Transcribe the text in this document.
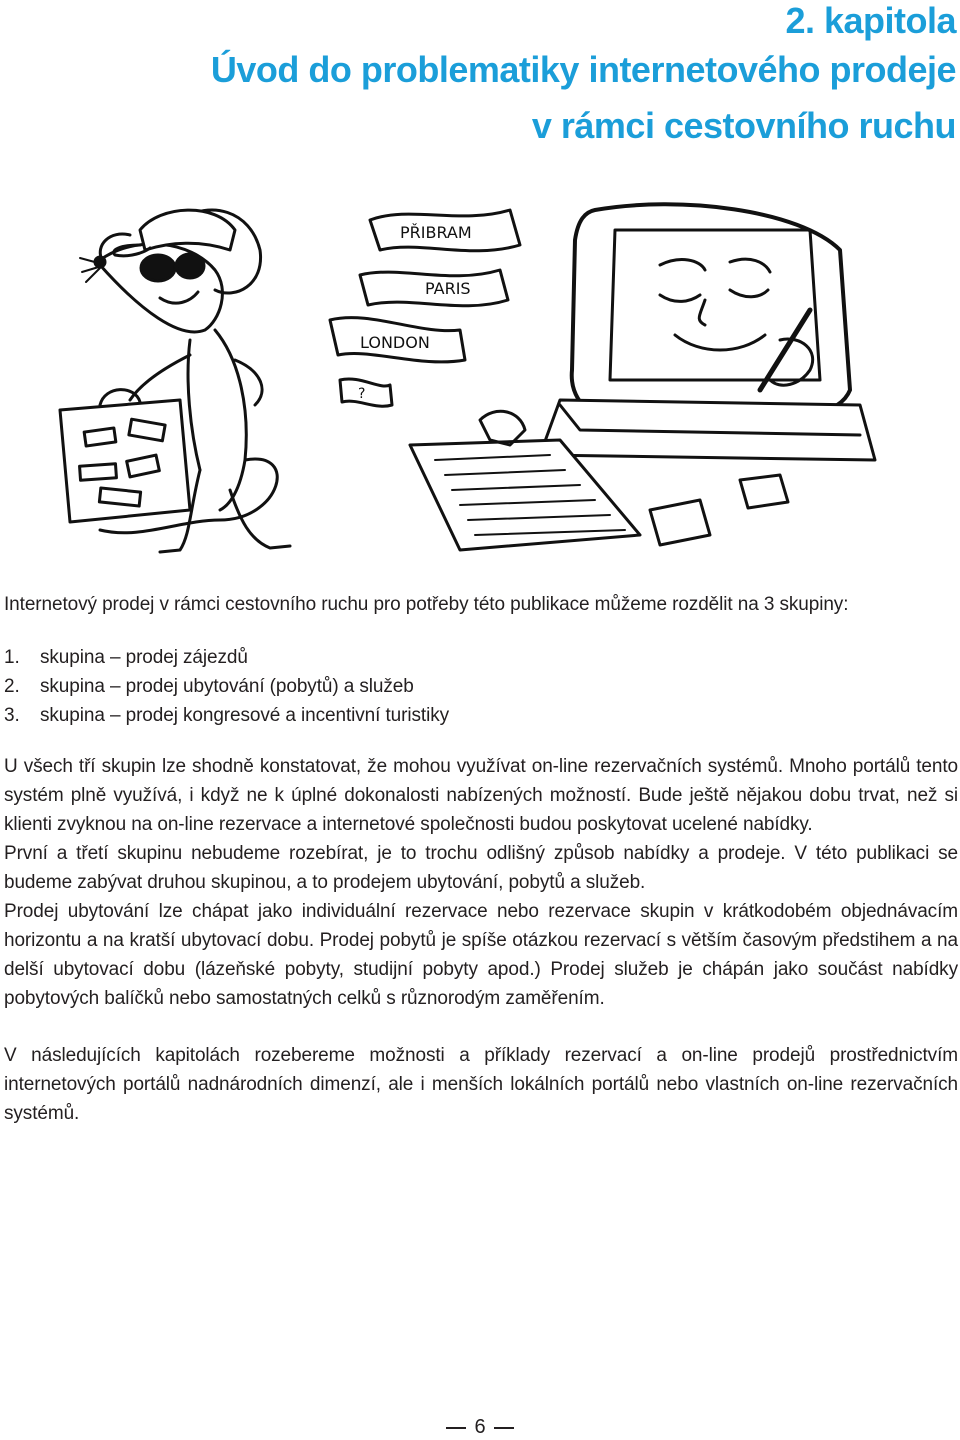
2. kapitola
Úvod do problematiky internetového prodeje
v rámci cestovního ruchu
PŘIBRAM
PARIS
LONDON
?

Internetový prodej v rámci cestovního ruchu pro potřeby této publikace můžeme rozdělit na 3 skupiny:

1.	skupina – prodej zájezdů
2.	skupina – prodej ubytování (pobytů) a služeb
3.	skupina – prodej kongresové a incentivní turistiky

U všech tří skupin lze shodně konstatovat, že mohou využívat on-line rezervačních systémů. Mnoho portálů tento systém plně využívá, i když ne k úplné dokonalosti nabízených možností. Bude ještě nějakou dobu trvat, než si klienti zvyknou na on-line rezervace a internetové společnosti budou poskytovat ucelené nabídky.

První a třetí skupinu nebudeme rozebírat, je to trochu odlišný způsob nabídky a prodeje. V této publikaci se budeme zabývat druhou skupinou, a to prodejem ubytování, pobytů a služeb.

Prodej ubytování lze chápat jako individuální rezervace nebo rezervace skupin v krátkodobém objednávacím horizontu a na kratší ubytovací dobu. Prodej pobytů je spíše otázkou rezervací s větším časovým předstihem a na delší ubytovací dobu (lázeňské pobyty, studijní pobyty apod.) Prodej služeb je chápán jako součást nabídky pobytových balíčků nebo samostatných celků s různorodým zaměřením.

V následujících kapitolách rozebereme možnosti a příklady rezervací a on-line prodejů prostřednictvím internetových portálů nadnárodních dimenzí, ale i menších lokálních portálů nebo vlastních on-line rezervačních systémů.

6
